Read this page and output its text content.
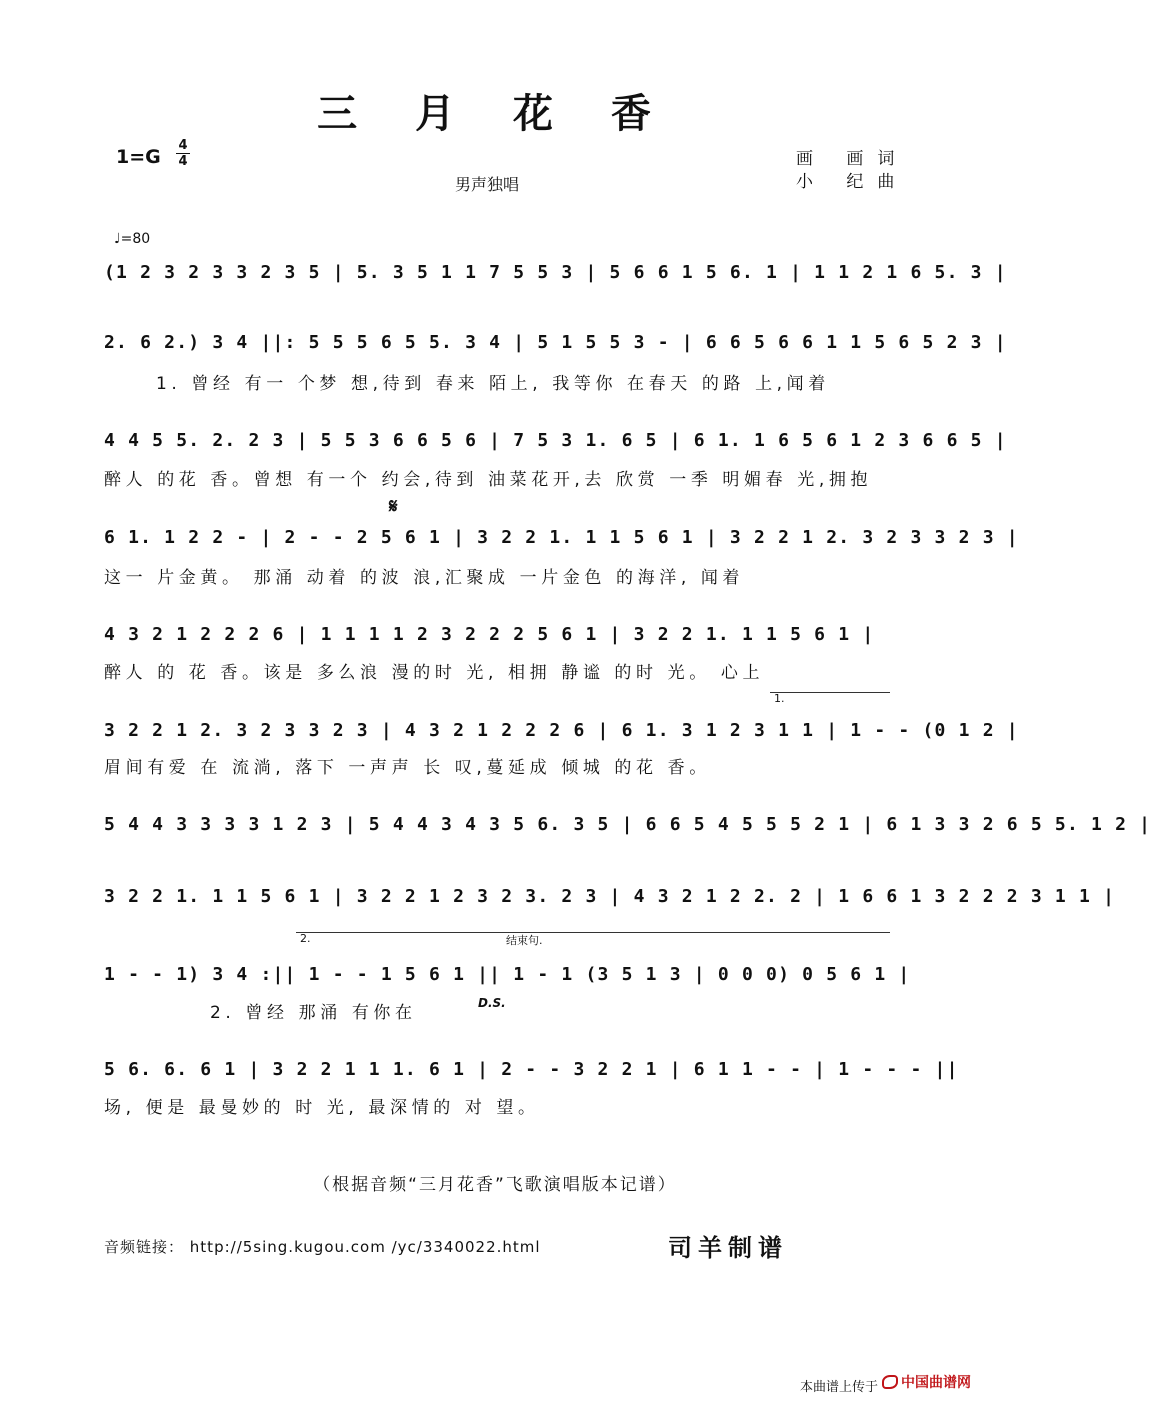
三 月 花 香
1=G
4
4
男声独唱
画 画词
小 纪曲
♩=80
(1 2 3 2 3 3 2 3 5 | 5. 3 5 1 1 7 5 5 3 | 5 6 6 1 5 6. 1 | 1 1 2 1 6 5. 3 |
2. 6 2.) 3 4 ||: 5 5 5 6 5 5. 3 4 | 5 1 5 5 3 - | 6 6 5 6 6 1 1 5 6 5 2 3 |
1. 曾经 有一 个梦 想,待到 春来 陌上, 我等你 在春天 的路 上,闻着
4 4 5 5. 2. 2 3 | 5 5 3 6 6 5 6 | 7 5 3 1. 6 5 | 6 1. 1 6 5 6 1 2 3 6 6 5 |
醉人 的花 香。曾想 有一个 约会,待到 油菜花开,去 欣赏 一季 明媚春 光,拥抱
𝄋
6 1. 1 2 2 - | 2 - - 2 5 6 1 | 3 2 2 1. 1 1 5 6 1 | 3 2 2 1 2. 3 2 3 3 2 3 |
这一 片金黄。 那涌 动着 的波 浪,汇聚成 一片金色 的海洋, 闻着
4 3 2 1 2 2 2 6 | 1 1 1 1 2 3 2 2 2 5 6 1 | 3 2 2 1. 1 1 5 6 1 |
醉人 的 花 香。该是 多么浪 漫的时 光, 相拥 静谧 的时 光。 心上
1.
3 2 2 1 2. 3 2 3 3 2 3 | 4 3 2 1 2 2 2 6 | 6 1. 3 1 2 3 1 1 | 1 - - (0 1 2 |
眉间有爱 在 流淌, 落下 一声声 长 叹,蔓延成 倾城 的花 香。
5 4 4 3 3 3 3 1 2 3 | 5 4 4 3 4 3 5 6. 3 5 | 6 6 5 4 5 5 5 2 1 | 6 1 3 3 2 6 5 5. 1 2 |
3 2 2 1. 1 1 5 6 1 | 3 2 2 1 2 3 2 3. 2 3 | 4 3 2 1 2 2. 2 | 1 6 6 1 3 2 2 2 3 1 1 |
2.	结束句.
1 - - 1) 3 4 :|| 1 - - 1 5 6 1 || 1 - 1 (3 5 1 3 | 0 0 0) 0 5 6 1 |
2. 曾经 那涌 有你在	D.S.
5 6. 6. 6 1 | 3 2 2 1 1 1. 6 1 | 2 - - 3 2 2 1 | 6 1 1 - - | 1 - - - ||
场, 便是 最曼妙的 时 光, 最深情的 对 望。
（根据音频“三月花香”飞歌演唱版本记谱）
音频链接： http://5sing.kugou.com /yc/3340022.html	司羊制谱
本曲谱上传于	中国曲谱网
